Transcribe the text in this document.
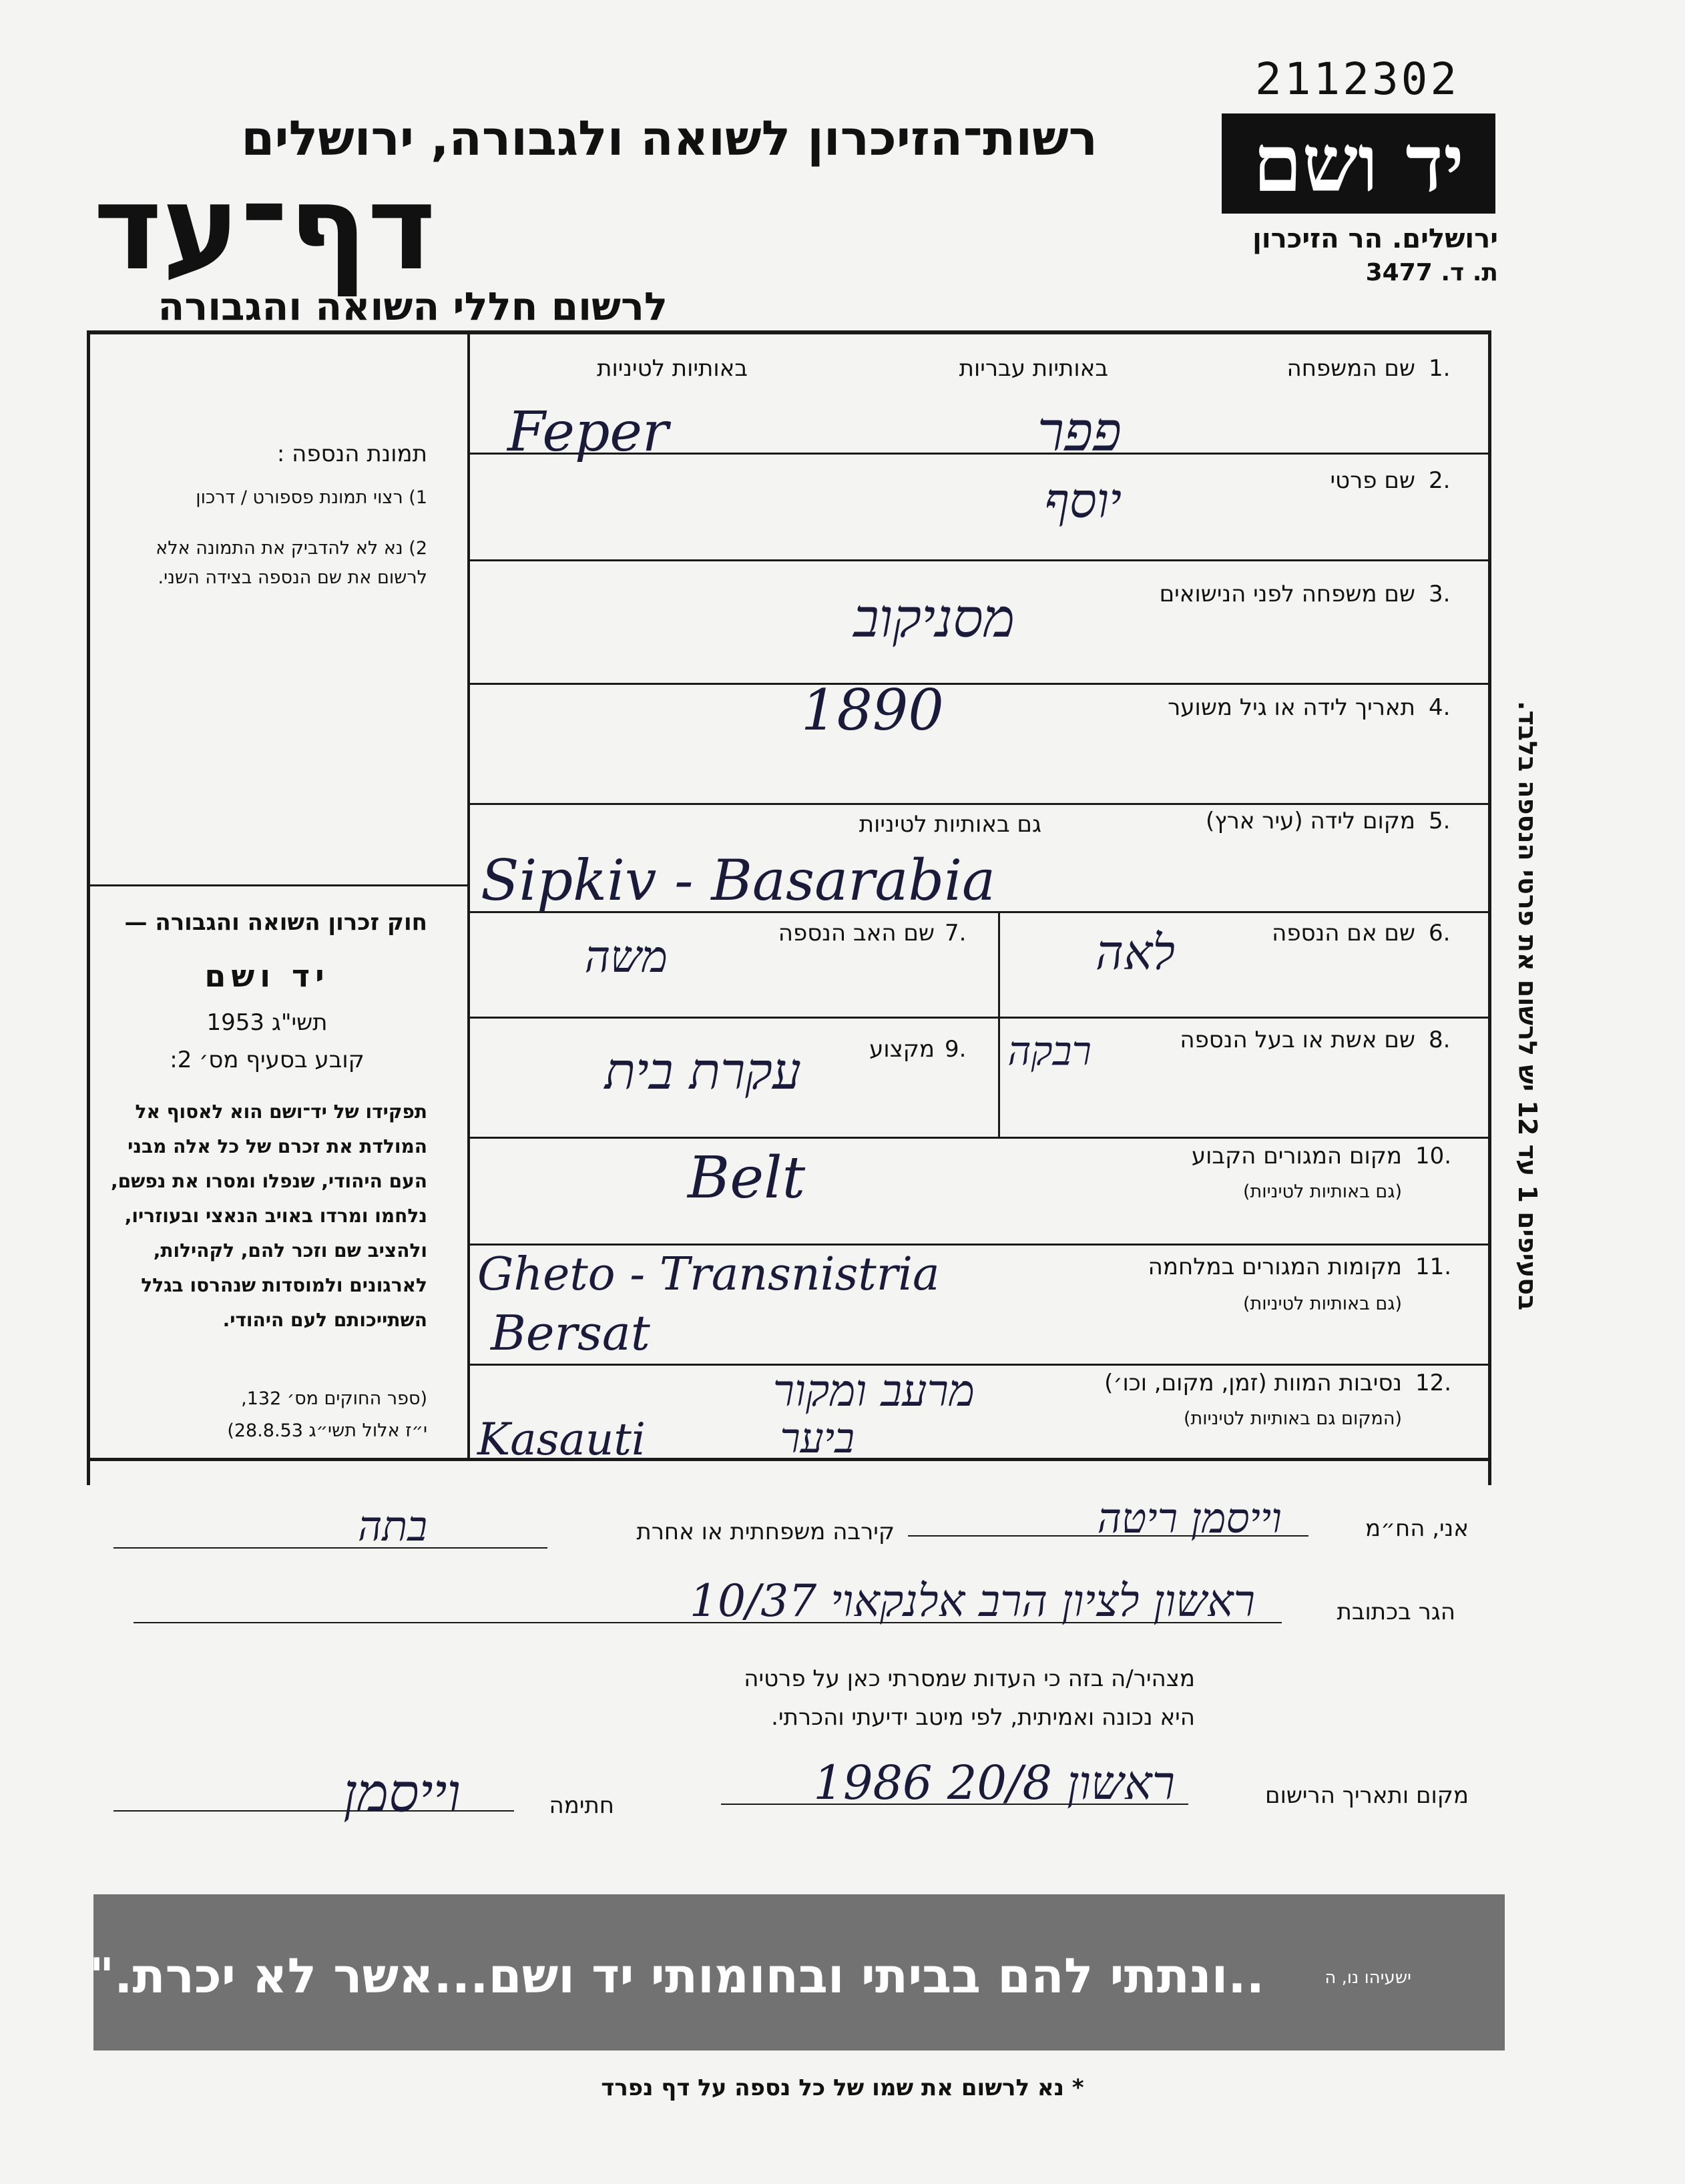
2112302
יד ושם
ירושלים. הר הזיכרון
ת. ד. 3477
רשות־הזיכרון לשואה ולגבורה, ירושלים
דף־עד
לרשום חללי השואה והגבורה
בסעיפים 1 עד 12 יש לרשום את פרטי הנספה בלבד.
תמונת הנספה :
1) רצוי תמונת פספורט / דרכון
2) נא לא להדביק את התמונה אלא לרשום את שם הנספה בצידה השני.
חוק זכרון השואה והגבורה —
יד ושם
תשי"ג 1953
קובע בסעיף מס׳ 2:
תפקידו של יד־ושם הוא לאסוף אל המולדת את זכרם של כל אלה מבני העם היהודי, שנפלו ומסרו את נפשם, נלחמו ומרדו באויב הנאצי ובעוזריו, ולהציב שם וזכר להם, לקהילות, לארגונים ולמוסדות שנהרסו בגלל השתייכותם לעם היהודי.
(ספר החוקים מס׳ 132,
י״ז אלול תשי״ג 28.8.53)
1.
שם המשפחה
באותיות עבריות
באותיות לטיניות
Feper	פפר
2.
שם פרטי
יוסף
3.
שם משפחה לפני הנישואים
מסניקוב
4.
תאריך לידה או גיל משוער
1890
5.
מקום לידה (עיר ארץ)
גם באותיות לטיניות
Sipkiv - Basarabia
6.
שם אם הנספה
לאה
7.
שם האב הנספה
משה
8.
שם אשת או בעל הנספה
רבקה
9.
מקצוע
עקרת בית
10.
מקום המגורים הקבוע
(גם באותיות לטיניות)
Belt
11.
מקומות המגורים במלחמה
(גם באותיות לטיניות)
Gheto - Transnistria
Bersat
12.
נסיבות המוות (זמן, מקום, וכו׳)
(המקום גם באותיות לטיניות)
מרעב ומקור
Kasauti	ביער
אני, הח״מ
וייסמן ריטה
קירבה משפחתית או אחרת
בתה
הגר בכתובת
ראשון לציון הרב אלנקאוי 10/37
מצהיר/ה בזה כי העדות שמסרתי כאן על פרטיה
היא נכונה ואמיתית, לפי מיטב ידיעתי והכרתי.
מקום ותאריך הרישום
ראשון 20/8 1986
חתימה
וייסמן
..ונתתי להם בביתי ובחומותי יד ושם...אשר לא יכרת."	ישעיהו נו, ה
* נא לרשום את שמו של כל נספה על דף נפרד
